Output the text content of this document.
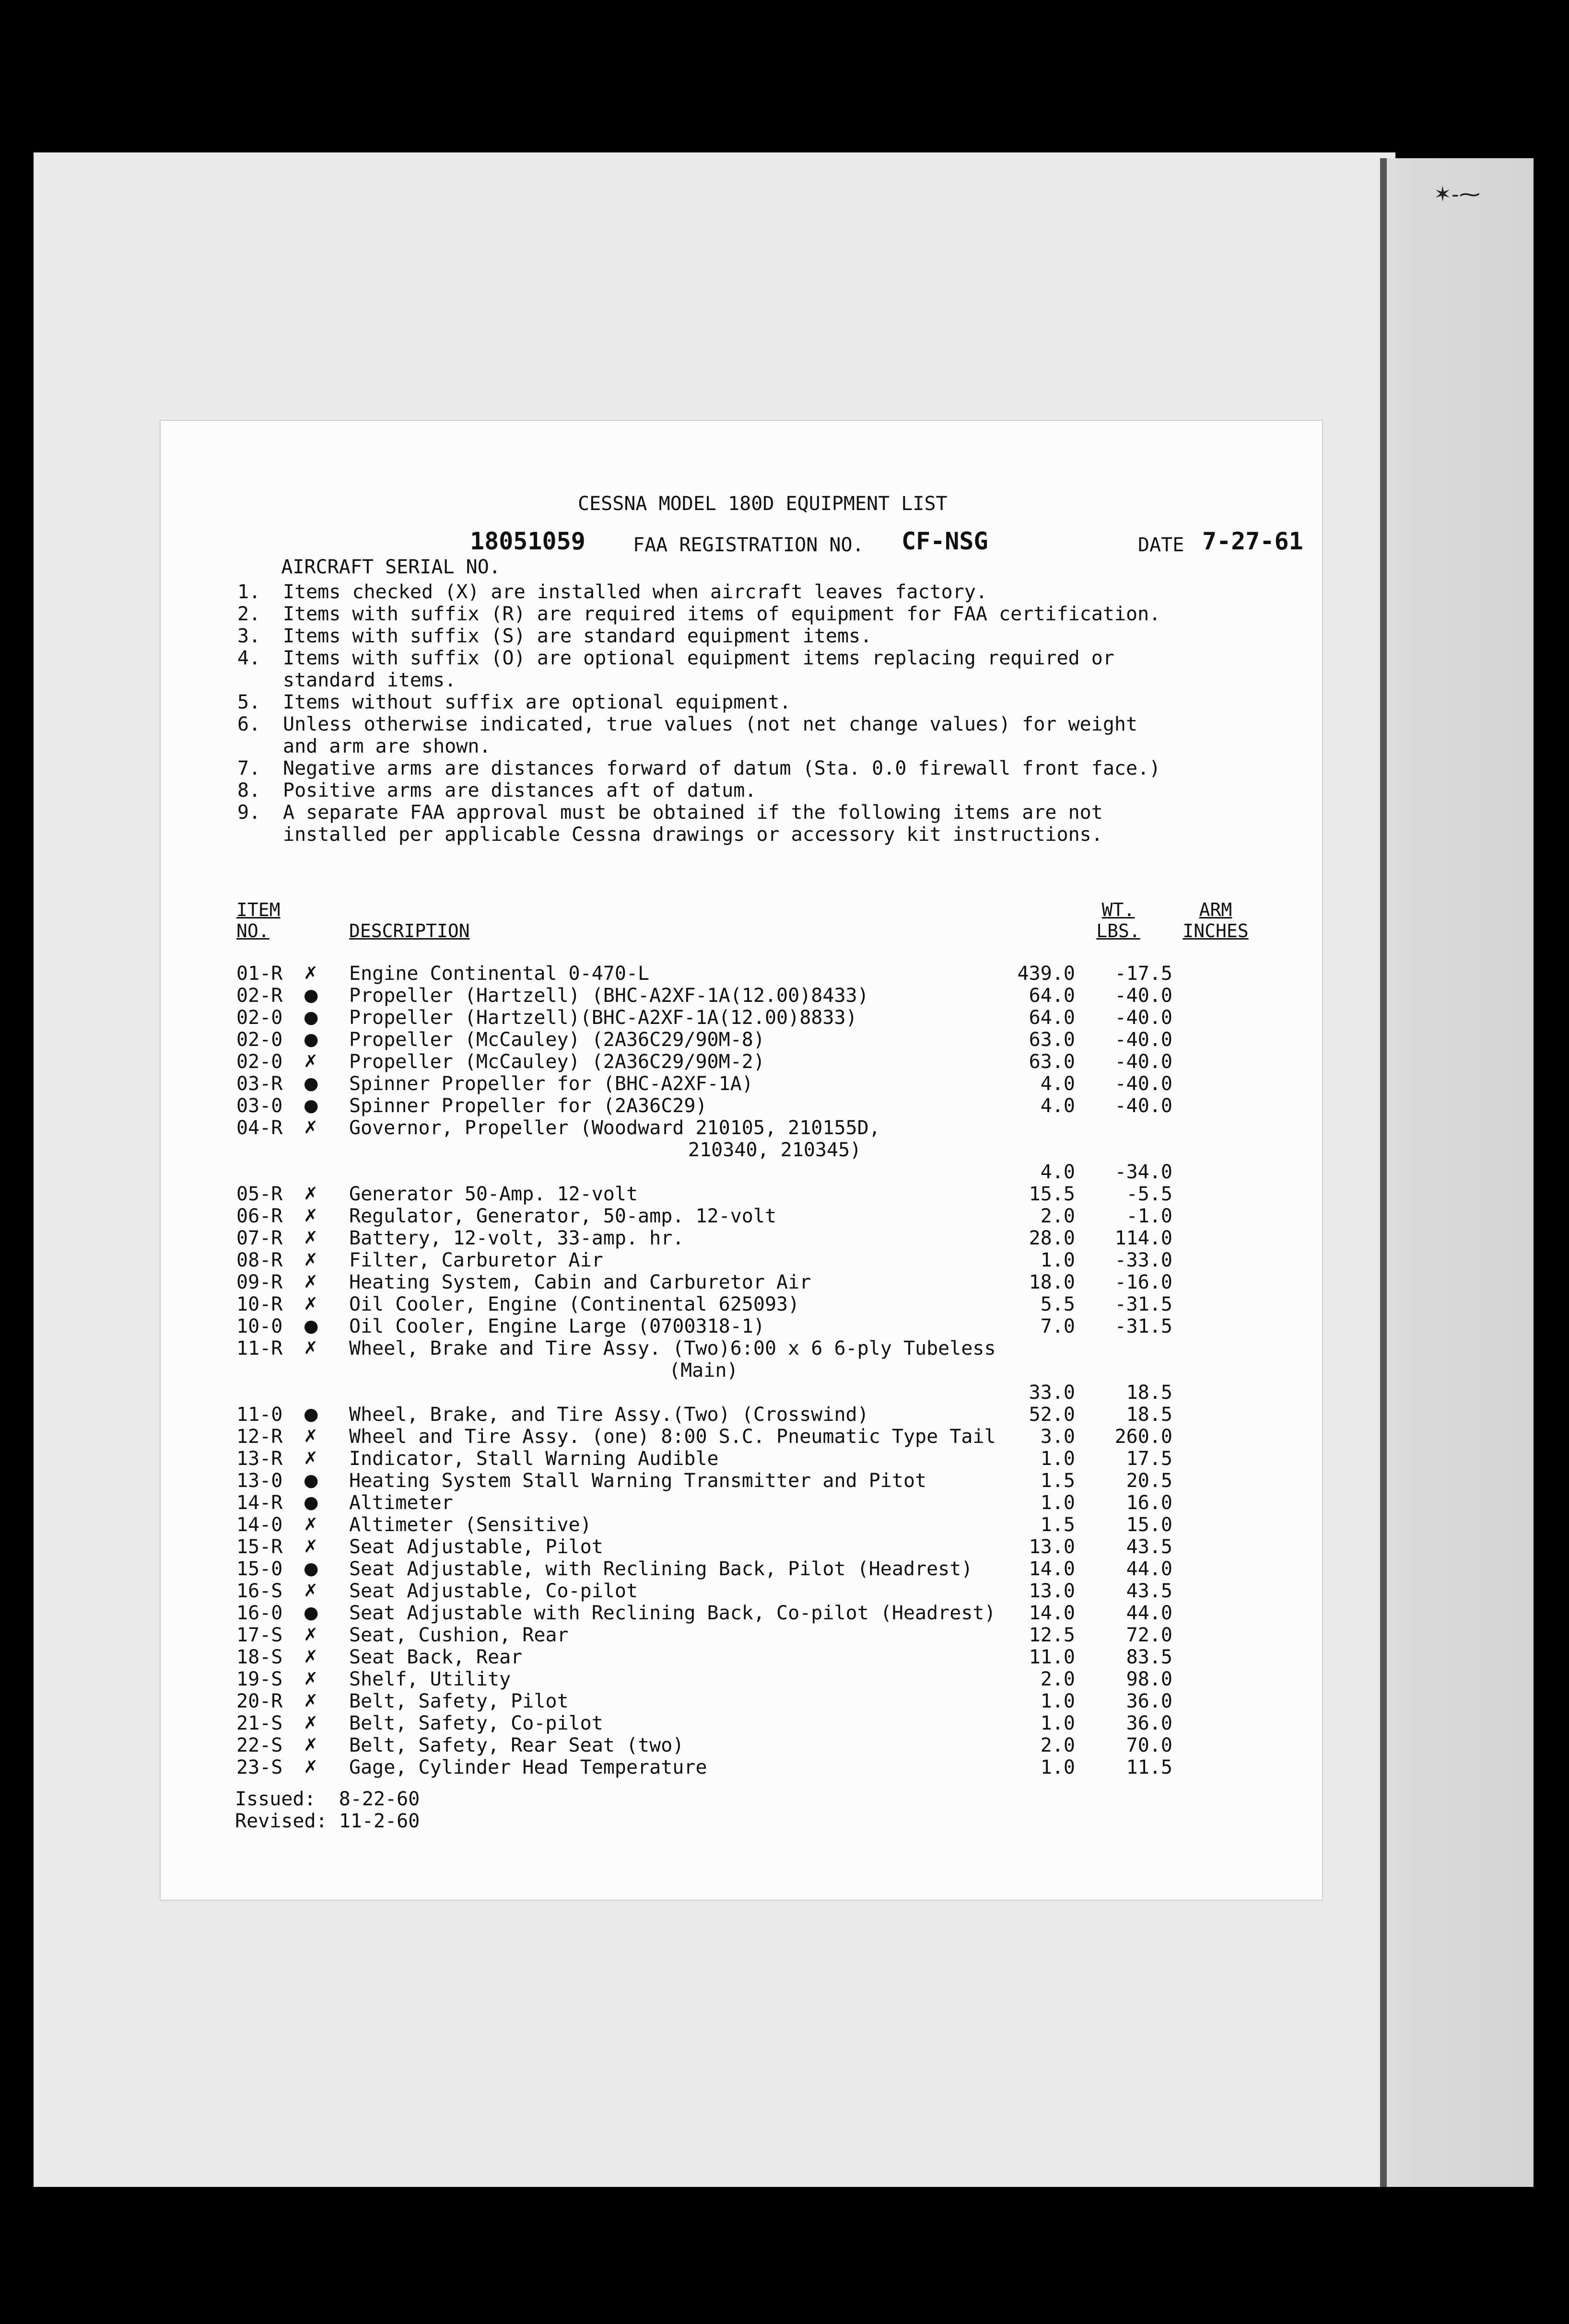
✶‑⁓
CESSNA MODEL 180D EQUIPMENT LIST

AIRCRAFT SERIAL NO.

18051059 FAA REGISTRATION NO. CF-NSG	DATE 7-27-61
1. Items checked (X) are installed when aircraft leaves factory.
2. Items with suffix (R) are required items of equipment for FAA certification.
3. Items with suffix (S) are standard equipment items.
4. Items with suffix (O) are optional equipment items replacing required or
standard items.
5. Items without suffix are optional equipment.
6. Unless otherwise indicated, true values (not net change values) for weight
and arm are shown.
7. Negative arms are distances forward of datum (Sta. 0.0 firewall front face.)
8. Positive arms are distances aft of datum.
9. A separate FAA approval must be obtained if the following items are not
installed per applicable Cessna drawings or accessory kit instructions.
ITEM
NO.	DESCRIPTION
WT.
LBS.
ARM
INCHES
01-R ✗ Engine Continental 0-470-L	439.0 -17.5
02-R ● Propeller (Hartzell) (BHC-A2XF-1A(12.00)8433)	64.0 -40.0
02-0 ● Propeller (Hartzell)(BHC-A2XF-1A(12.00)8833)	64.0 -40.0
02-0 ● Propeller (McCauley) (2A36C29/90M-8)	63.0 -40.0
02-0 ✗ Propeller (McCauley) (2A36C29/90M-2)	63.0 -40.0
03-R ● Spinner Propeller for (BHC-A2XF-1A)	4.0 -40.0
03-0 ● Spinner Propeller for (2A36C29)	4.0 -40.0
04-R ✗ Governor, Propeller (Woodward 210105, 210155D,
210340, 210345)
4.0 -34.0
05-R ✗ Generator 50-Amp. 12-volt	15.5	-5.5
06-R ✗ Regulator, Generator, 50-amp. 12-volt	2.0	-1.0
07-R ✗ Battery, 12-volt, 33-amp. hr.	28.0 114.0
08-R ✗ Filter, Carburetor Air	1.0 -33.0
09-R ✗ Heating System, Cabin and Carburetor Air	18.0 -16.0
10-R ✗ Oil Cooler, Engine (Continental 625093)	5.5 -31.5
10-0 ● Oil Cooler, Engine Large (0700318-1)	7.0 -31.5
11-R ✗ Wheel, Brake and Tire Assy. (Two)6:00 x 6 6-ply Tubeless
(Main)
33.0	18.5
11-0 ● Wheel, Brake, and Tire Assy.(Two) (Crosswind)	52.0	18.5
12-R ✗ Wheel and Tire Assy. (one) 8:00 S.C. Pneumatic Type Tail 3.0 260.0
13-R ✗ Indicator, Stall Warning Audible	1.0	17.5
13-0 ● Heating System Stall Warning Transmitter and Pitot	1.5	20.5
14-R ● Altimeter	1.0	16.0
14-0 ✗ Altimeter (Sensitive)	1.5	15.0
15-R ✗ Seat Adjustable, Pilot	13.0	43.5
15-0 ● Seat Adjustable, with Reclining Back, Pilot (Headrest)	14.0	44.0
16-S ✗ Seat Adjustable, Co-pilot	13.0	43.5
16-0 ● Seat Adjustable with Reclining Back, Co-pilot (Headrest) 14.0	44.0
17-S ✗ Seat, Cushion, Rear	12.5	72.0
18-S ✗ Seat Back, Rear	11.0	83.5
19-S ✗ Shelf, Utility	2.0	98.0
20-R ✗ Belt, Safety, Pilot	1.0	36.0
21-S ✗ Belt, Safety, Co-pilot	1.0	36.0
22-S ✗ Belt, Safety, Rear Seat (two)	2.0	70.0
23-S ✗ Gage, Cylinder Head Temperature	1.0	11.5
Issued: 8-22-60
Revised: 11-2-60
